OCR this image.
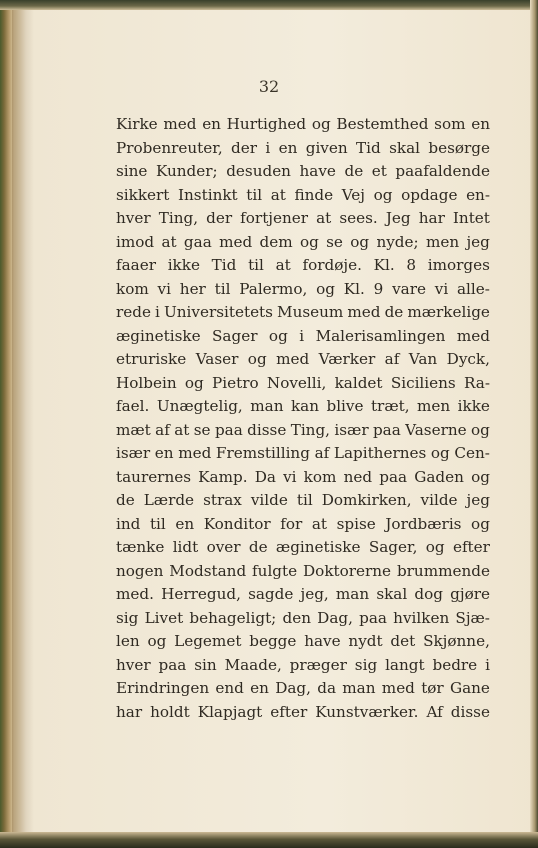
32
Kirke med en Hurtighed og Bestemthed som en
Probenreuter, der i en given Tid skal besørge
sine Kunder; desuden have de et paafaldende
sikkert Instinkt til at finde Vej og opdage en-
hver Ting, der fortjener at sees. Jeg har Intet
imod at gaa med dem og se og nyde; men jeg
faaer ikke Tid til at fordøje. Kl. 8 imorges
kom vi her til Palermo, og Kl. 9 vare vi alle-
rede i Universitetets Museum med de mærkelige
æginetiske Sager og i Malerisamlingen med
etruriske Vaser og med Værker af Van Dyck,
Holbein og Pietro Novelli, kaldet Siciliens Ra-
fael. Unægtelig, man kan blive træt, men ikke
mæt af at se paa disse Ting, især paa Vaserne og
især en med Fremstilling af Lapithernes og Cen-
taurernes Kamp. Da vi kom ned paa Gaden og
de Lærde strax vilde til Domkirken, vilde jeg
ind til en Konditor for at spise Jordbæris og
tænke lidt over de æginetiske Sager, og efter
nogen Modstand fulgte Doktorerne brummende
med. Herregud, sagde jeg, man skal dog gjøre
sig Livet behageligt; den Dag, paa hvilken Sjæ-
len og Legemet begge have nydt det Skjønne,
hver paa sin Maade, præger sig langt bedre i
Erindringen end en Dag, da man med tør Gane
har holdt Klapjagt efter Kunstværker. Af disse
